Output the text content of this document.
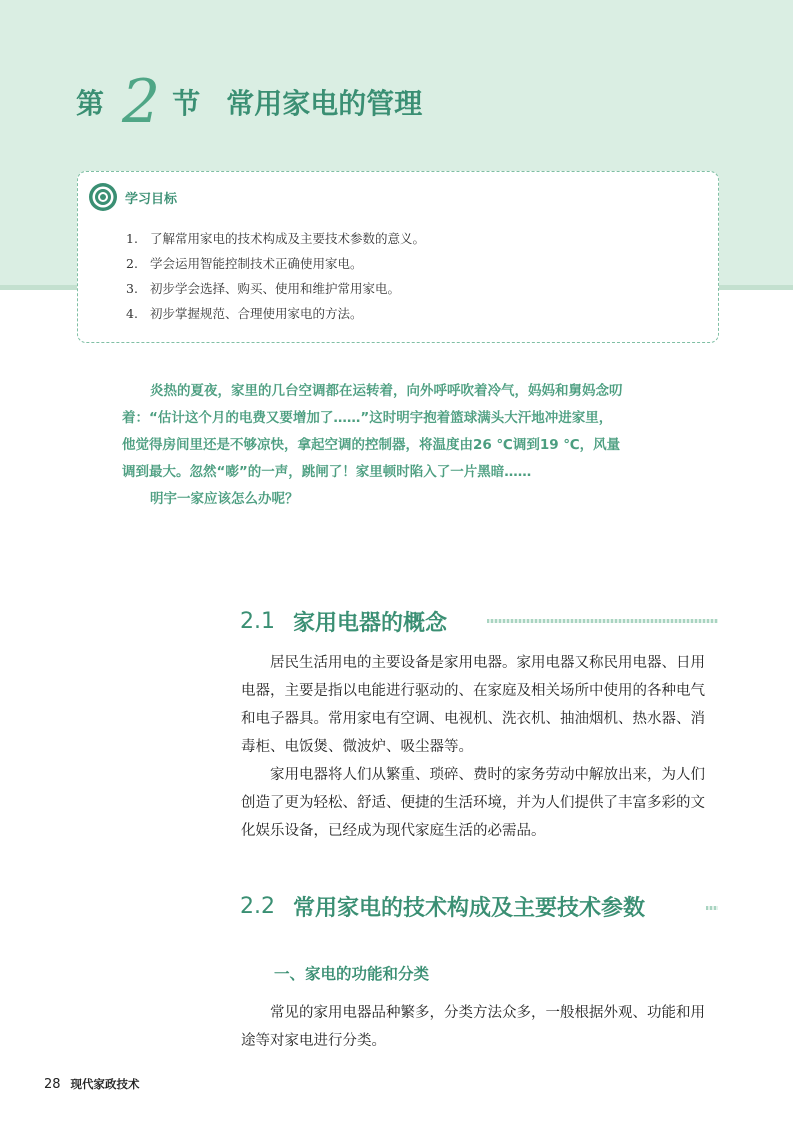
第 2 节 常用家电的管理
学习目标
1. 了解常用家电的技术构成及主要技术参数的意义。
2. 学会运用智能控制技术正确使用家电。
3. 初步学会选择、购买、使用和维护常用家电。
4. 初步掌握规范、合理使用家电的方法。

炎热的夏夜，家里的几台空调都在运转着，向外呼呼吹着冷气，妈妈和舅妈念叨

着：“估计这个月的电费又要增加了……”这时明宇抱着篮球满头大汗地冲进家里，

他觉得房间里还是不够凉快，拿起空调的控制器，将温度由26 ℃调到19 ℃，风量

调到最大。忽然“嘭”的一声，跳闸了！家里顿时陷入了一片黑暗……

明宇一家应该怎么办呢？

2.1 家用电器的概念

居民生活用电的主要设备是家用电器。家用电器又称民用电器、日用电器，主要是指以电能进行驱动的、在家庭及相关场所中使用的各种电气和电子器具。常用家电有空调、电视机、洗衣机、抽油烟机、热水器、消毒柜、电饭煲、微波炉、吸尘器等。

家用电器将人们从繁重、琐碎、费时的家务劳动中解放出来，为人们创造了更为轻松、舒适、便捷的生活环境，并为人们提供了丰富多彩的文化娱乐设备，已经成为现代家庭生活的必需品。

2.2 常用家电的技术构成及主要技术参数
一、家电的功能和分类

常见的家用电器品种繁多，分类方法众多，一般根据外观、功能和用途等对家电进行分类。

28 现代家政技术
